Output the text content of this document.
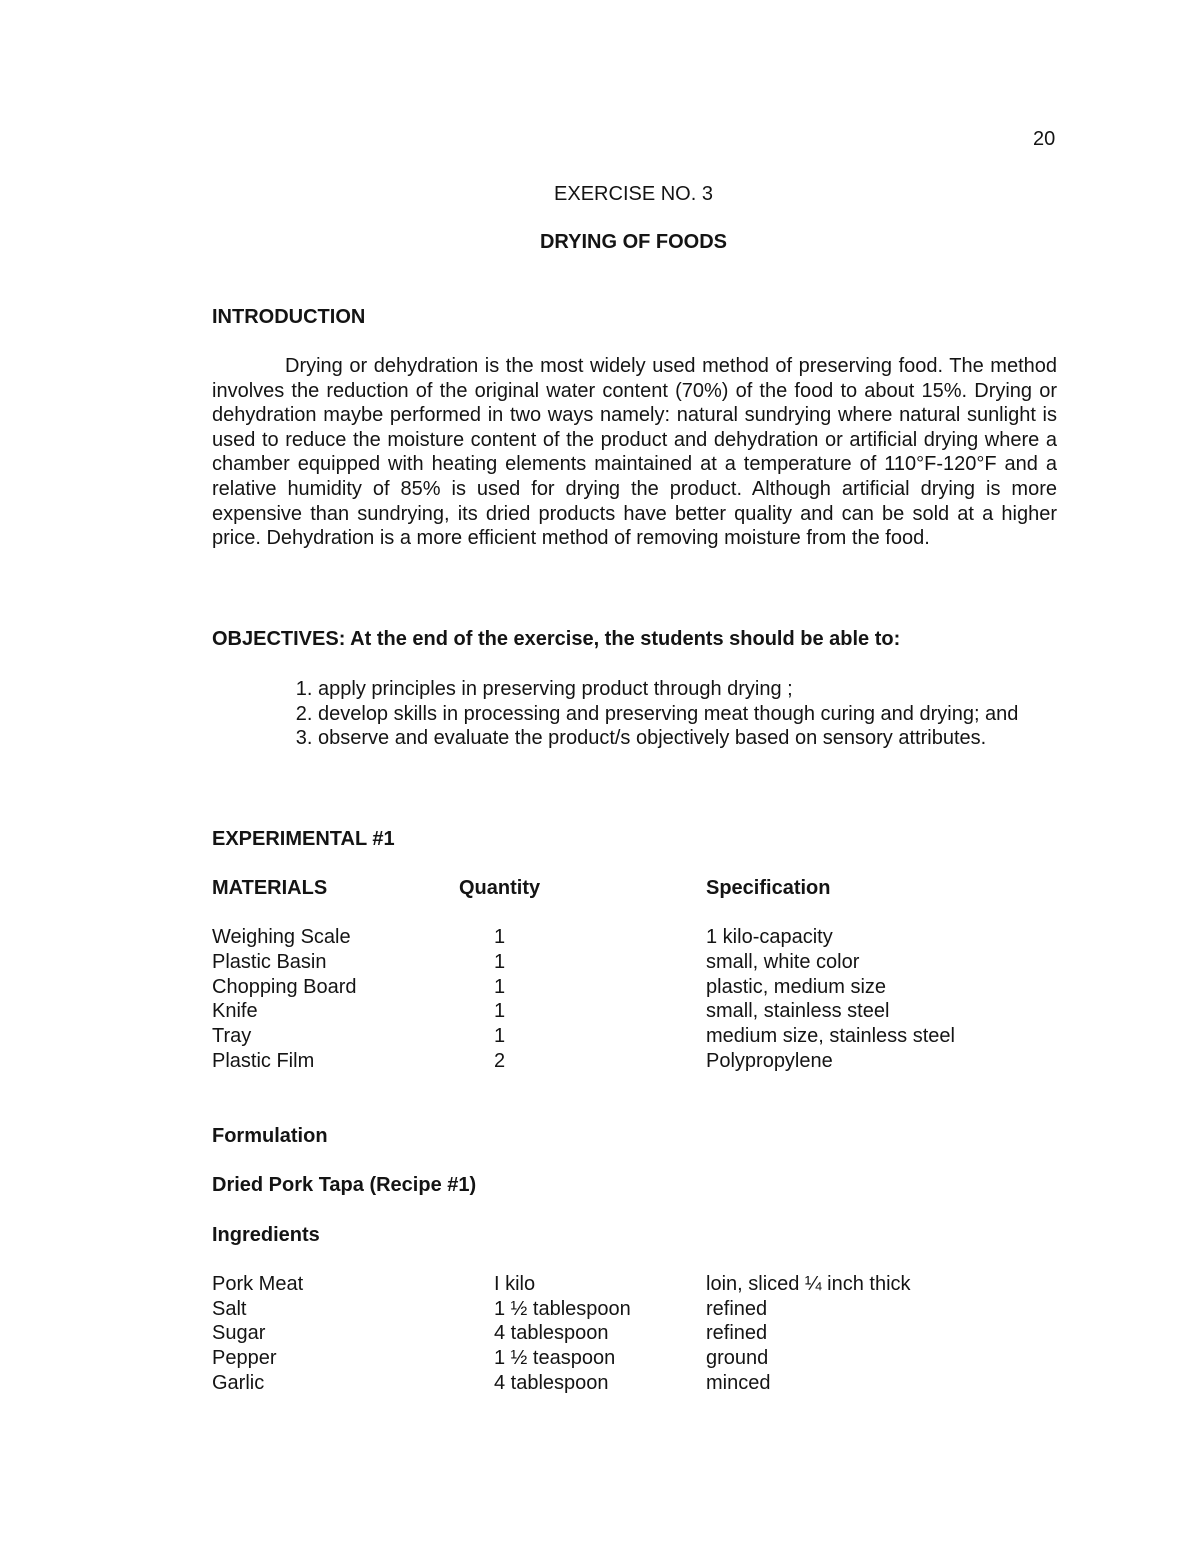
20
EXERCISE NO. 3
DRYING OF FOODS
INTRODUCTION

Drying or dehydration is the most widely used method of preserving food. The method involves the reduction of the original water content (70%) of the food to about 15%. Drying or dehydration maybe performed in two ways namely: natural sundrying where natural sunlight is used to reduce the moisture content of the product and dehydration or artificial drying where a chamber equipped with heating elements maintained at a temperature of 110°F-120°F and a relative humidity of 85% is used for drying the product. Although artificial drying is more expensive than sundrying, its dried products have better quality and can be sold at a higher price. Dehydration is a more efficient method of removing moisture from the food.

OBJECTIVES: At the end of the exercise, the students should be able to:
1. apply principles in preserving product through drying ;
2. develop skills in processing and preserving meat though curing and drying; and
3. observe and evaluate the product/s objectively based on sensory attributes.
EXPERIMENTAL #1
MATERIALS	Quantity	Specification
Weighing Scale	1	1 kilo-capacity
Plastic Basin	1	small, white color
Chopping Board	1	plastic, medium size
Knife	1	small, stainless steel
Tray	1	medium size, stainless steel
Plastic Film	2	Polypropylene
Formulation
Dried Pork Tapa (Recipe #1)
Ingredients
Pork Meat	I kilo	loin, sliced ¼ inch thick
Salt	1 ½ tablespoon	refined
Sugar	4 tablespoon	refined
Pepper	1 ½ teaspoon	ground
Garlic	4 tablespoon	minced
